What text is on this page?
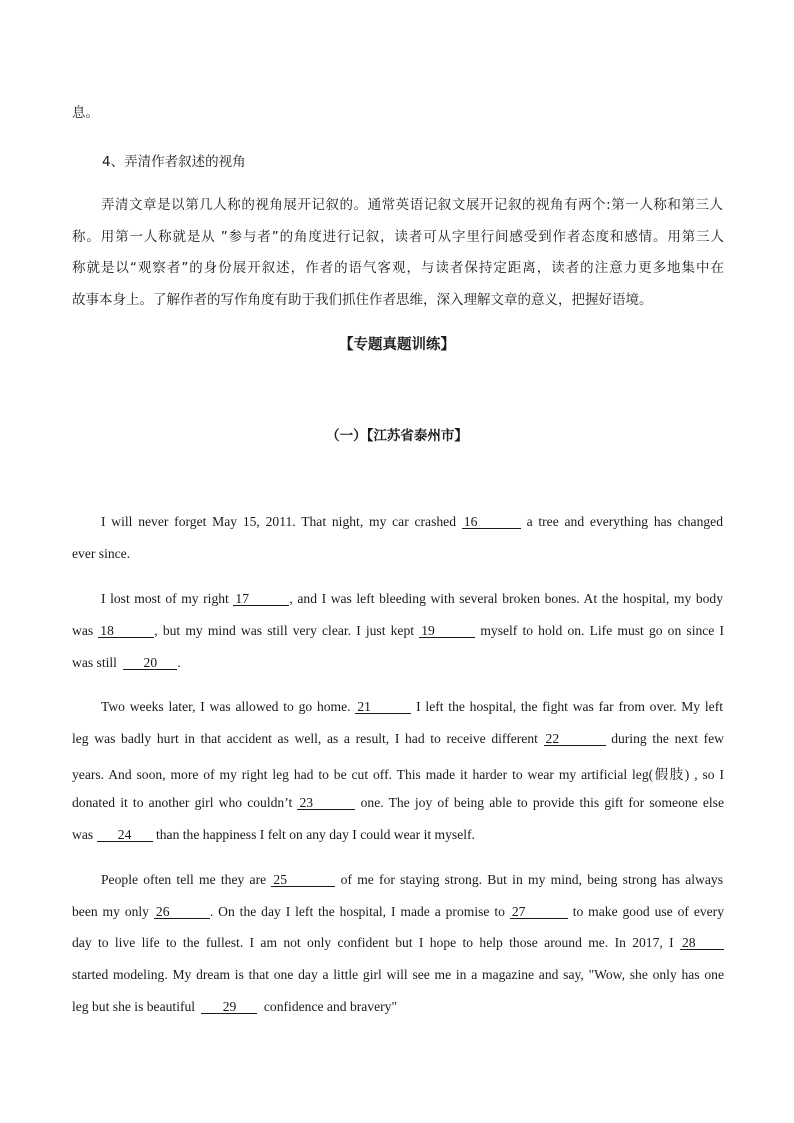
息。
4、弄清作者叙述的视角
弄清文章是以第几人称的视角展开记叙的。通常英语记叙文展开记叙的视角有两个:第一人称和第三人
称。用第一人称就是从 ”参与者”的角度进行记叙，读者可从字里行间感受到作者态度和感情。用第三人
称就是以“观察者”的身份展开叙述，作者的语气客观，与读者保持定距离，读者的注意力更多地集中在
故事本身上。了解作者的写作角度有助于我们抓住作者思维，深入理解文章的意义，把握好语境。
【专题真题训练】
（一）【江苏省泰州市】
I will never forget May 15, 2011. That night, my car crashed 16	a tree and everything has changed
ever since.
I lost most of my right 17	, and I was left bleeding with several broken bones. At the hospital, my body
was 18	, but my mind was still very clear. I just kept 19	myself to hold on. Life must go on since I
was still 20 .
Two weeks later, I was allowed to go home. 21	I left the hospital, the fight was far from over. My left
leg was badly hurt in that accident as well, as a result, I had to receive different 22	during the next few
years. And soon, more of my right leg had to be cut off. This made it harder to wear my artificial leg(假肢) , so I
donated it to another girl who couldn’t 23	one. The joy of being able to provide this gift for someone else
was 24 than the happiness I felt on any day I could wear it myself.
People often tell me they are 25	of me for staying strong. But in my mind, being strong has always
been my only 26	. On the day I left the hospital, I made a promise to 27	to make good use of every
day to live life to the fullest. I am not only confident but I hope to help those around me. In 2017, I 28
started modeling. My dream is that one day a little girl will see me in a magazine and say, "Wow, she only has one
leg but she is beautiful 29 confidence and bravery"
